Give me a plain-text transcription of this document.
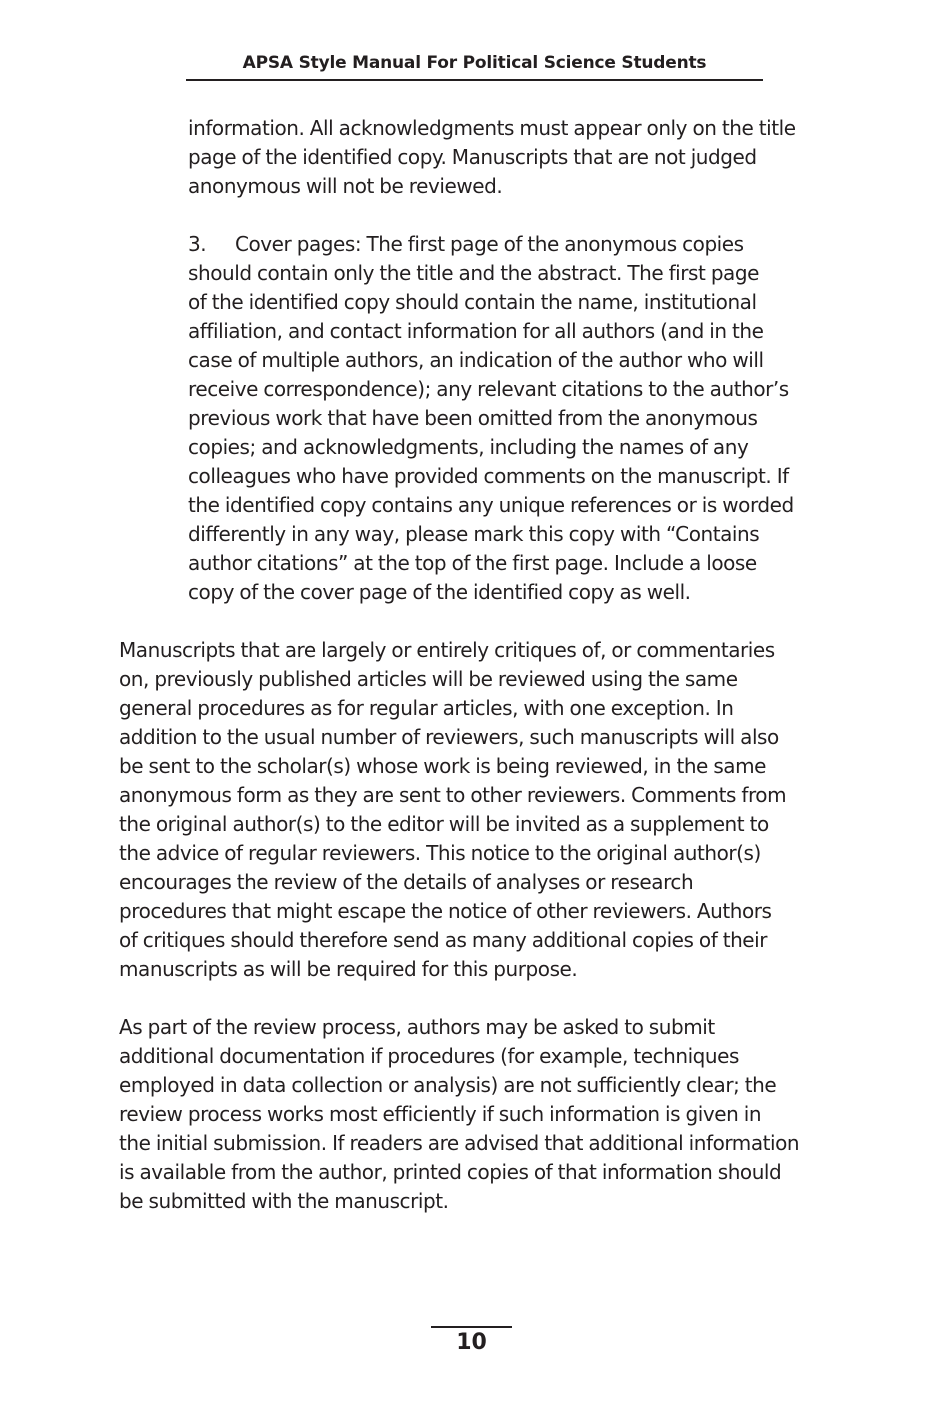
APSA Style Manual For Political Science Students
information. All acknowledgments must appear only on the title
page of the identified copy. Manuscripts that are not judged
anonymous will not be reviewed.
3. Cover pages: The first page of the anonymous copies
should contain only the title and the abstract. The first page
of the identified copy should contain the name, institutional
affiliation, and contact information for all authors (and in the
case of multiple authors, an indication of the author who will
receive correspondence); any relevant citations to the author’s
previous work that have been omitted from the anonymous
copies; and acknowledgments, including the names of any
colleagues who have provided comments on the manuscript. If
the identified copy contains any unique references or is worded
differently in any way, please mark this copy with “Contains
author citations” at the top of the first page. Include a loose
copy of the cover page of the identified copy as well.
Manuscripts that are largely or entirely critiques of, or commentaries
on, previously published articles will be reviewed using the same
general procedures as for regular articles, with one exception. In
addition to the usual number of reviewers, such manuscripts will also
be sent to the scholar(s) whose work is being reviewed, in the same
anonymous form as they are sent to other reviewers. Comments from
the original author(s) to the editor will be invited as a supplement to
the advice of regular reviewers. This notice to the original author(s)
encourages the review of the details of analyses or research
procedures that might escape the notice of other reviewers. Authors
of critiques should therefore send as many additional copies of their
manuscripts as will be required for this purpose.
As part of the review process, authors may be asked to submit
additional documentation if procedures (for example, techniques
employed in data collection or analysis) are not sufficiently clear; the
review process works most efficiently if such information is given in
the initial submission. If readers are advised that additional information
is available from the author, printed copies of that information should
be submitted with the manuscript.
10
